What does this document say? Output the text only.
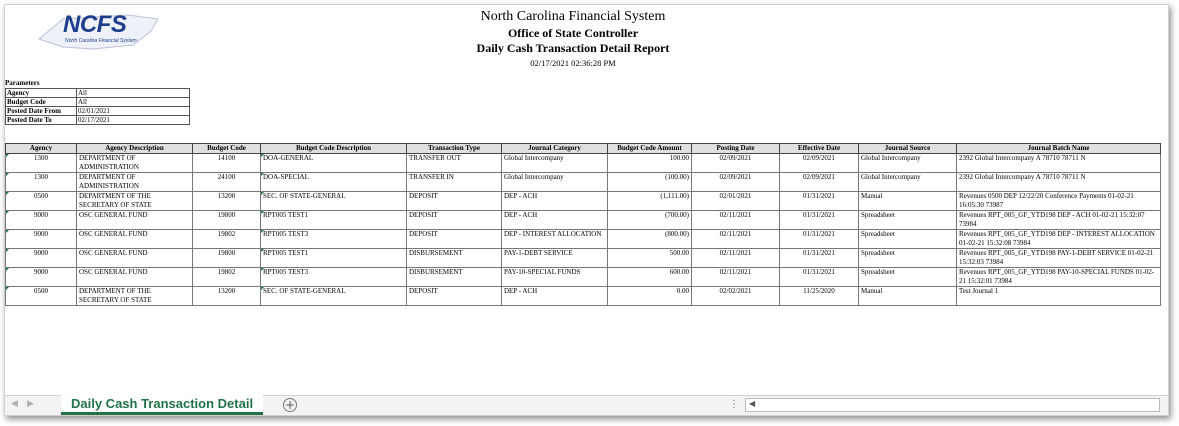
NCFS
North Carolina Financial System
North Carolina Financial System
Office of State Controller
Daily Cash Transaction Detail Report
02/17/2021 02:36:28 PM
Parameters
Agency	All
Budget Code	All
Posted Date From	02/01/2021
Posted Date To	02/17/2021
Agency	Agency Description	Budget Code	Budget Code Description	Transaction Type	Journal Category	Budget Code Amount	Posting Date	Effective Date	Journal Source	Journal Batch Name
1300	DEPARTMENT OF ADMINISTRATION	14100	DOA-GENERAL	TRANSFER OUT	Global Intercompany	100.00	02/09/2021	02/09/2021	Global Intercompany	2392 Global Intercompany A 78710 78711 N
1300	DEPARTMENT OF ADMINISTRATION	24100	DOA-SPECIAL	TRANSFER IN	Global Intercompany	(100.00)	02/09/2021	02/09/2021	Global Intercompany	2392 Global Intercompany A 78710 78711 N
0500	DEPARTMENT OF THE SECRETARY OF STATE	13200	SEC. OF STATE-GENERAL	DEPOSIT	DEP - ACH	(1,111.00)	02/01/2021	01/31/2021	Manual	Revenues 0500 DEP 12/22/20 Conference Payments 01-02-21 16:05:30 73987
9000	OSC GENERAL FUND	19800	RPT005 TEST1	DEPOSIT	DEP - ACH	(700.00)	02/11/2021	01/31/2021	Spreadsheet	Revenues RPT_005_GF_YTD198 DEP - ACH 01-02-21 15:32:07 73984
9000	OSC GENERAL FUND	19802	RPT005 TEST3	DEPOSIT	DEP - INTEREST ALLOCATION	(800.00)	02/11/2021	01/31/2021	Spreadsheet	Revenues RPT_005_GF_YTD198 DEP - INTEREST ALLOCATION 01-02-21 15:32:08 73984
9000	OSC GENERAL FUND	19800	RPT005 TEST1	DISBURSEMENT	PAY-1-DEBT SERVICE	500.00	02/11/2021	01/31/2021	Spreadsheet	Revenues RPT_005_GF_YTD198 PAY-1-DEBT SERVICE 01-02-21 15:32:03 73984
9000	OSC GENERAL FUND	19802	RPT005 TEST3	DISBURSEMENT	PAY-10-SPECIAL FUNDS	600.00	02/11/2021	01/31/2021	Spreadsheet	Revenues RPT_005_GF_YTD198 PAY-10-SPECIAL FUNDS 01-02-21 15:32:01 73984
0500	DEPARTMENT OF THE SECRETARY OF STATE	13200	SEC. OF STATE-GENERAL	DEPOSIT	DEP - ACH	0.00	02/02/2021	11/25/2020	Manual	Test Journal 1
◀ ▶	Daily Cash Transaction Detail	+	⋮ ◀
